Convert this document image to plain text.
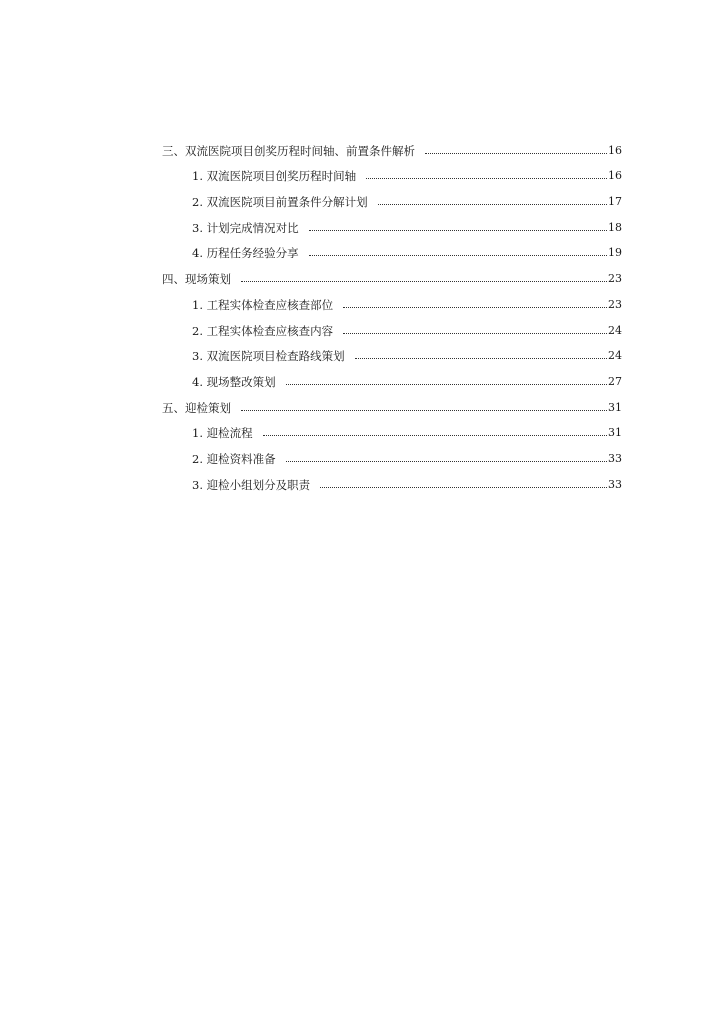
三、双流医院项目创奖历程时间轴、前置条件解析	16
1. 双流医院项目创奖历程时间轴	16
2. 双流医院项目前置条件分解计划	17
3. 计划完成情况对比	18
4. 历程任务经验分享	19
四、现场策划	23
1. 工程实体检查应核查部位	23
2. 工程实体检查应核查内容	24
3. 双流医院项目检查路线策划	24
4. 现场整改策划	27
五、迎检策划	31
1. 迎检流程	31
2. 迎检资料准备	33
3. 迎检小组划分及职责	33
